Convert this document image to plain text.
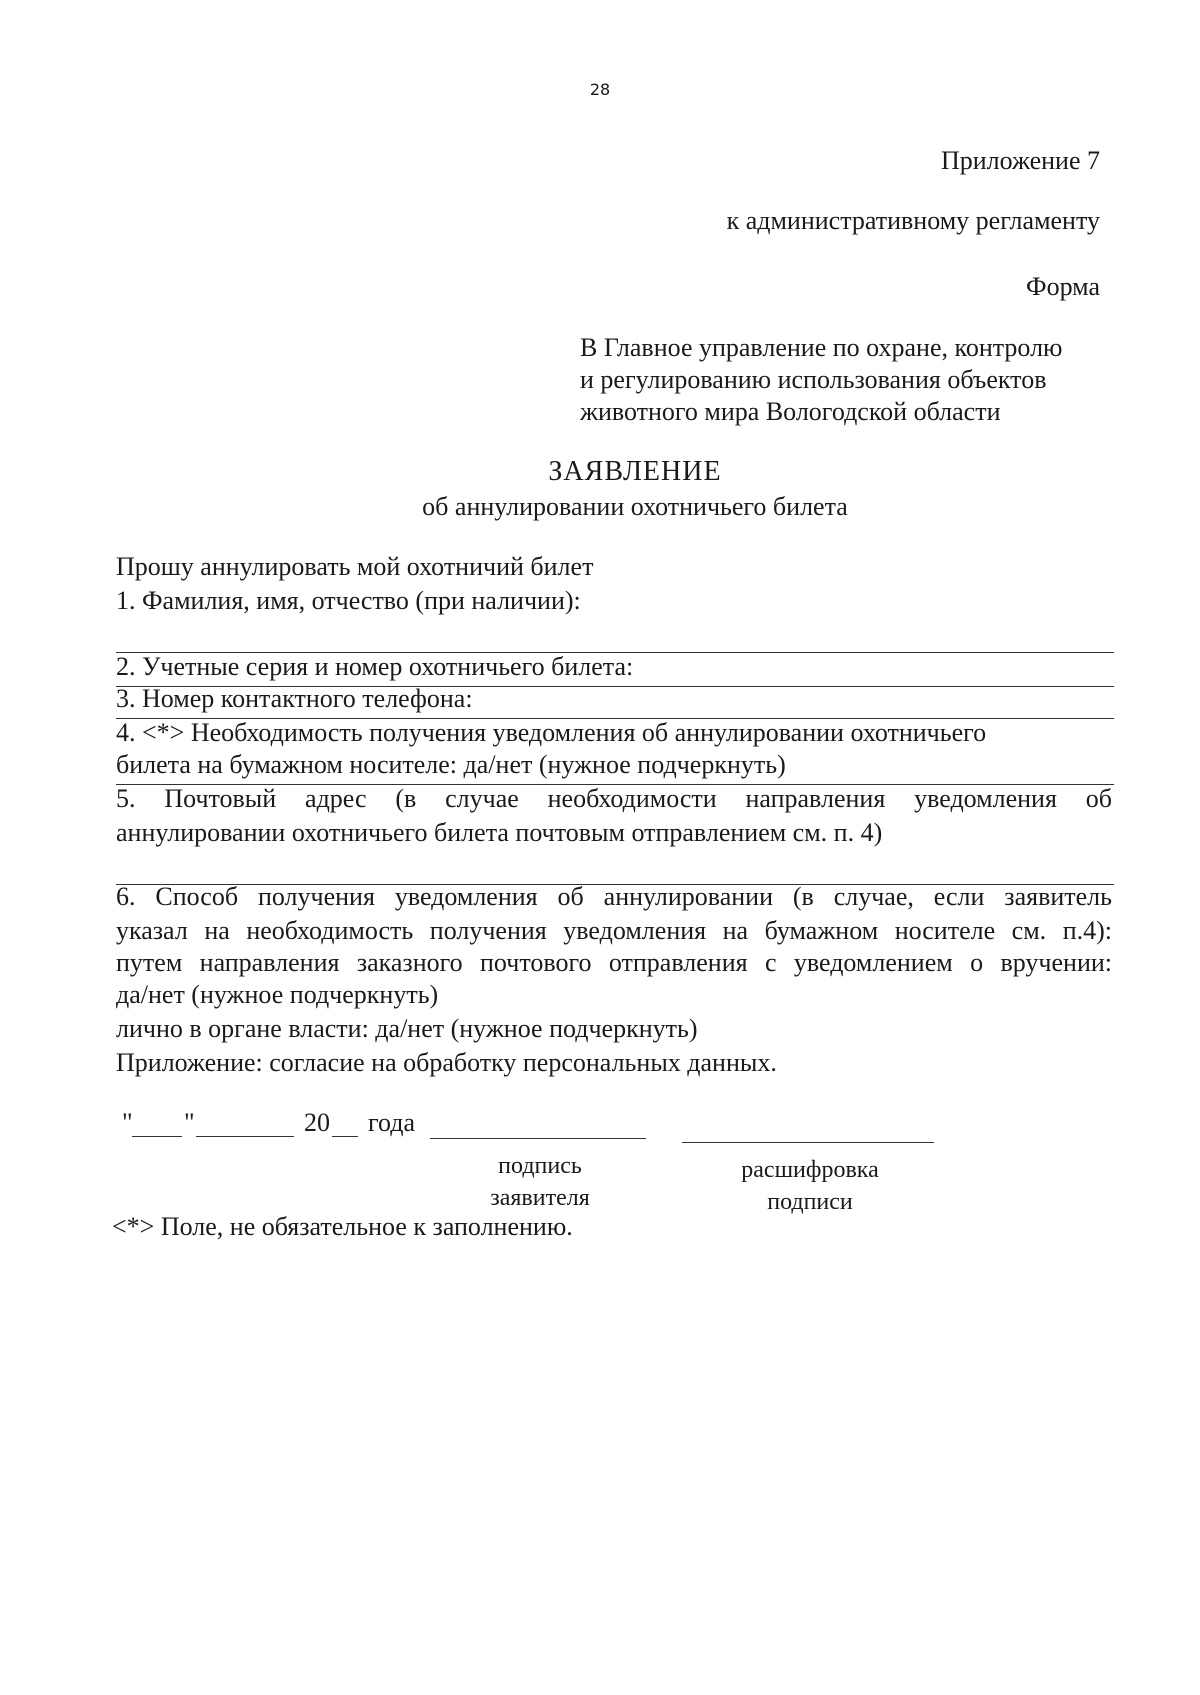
28
Приложение 7
к административному регламенту
Форма
В Главное управление по охране, контролю
и регулированию использования объектов
животного мира Вологодской области
ЗАЯВЛЕНИЕ
об аннулировании охотничьего билета
Прошу аннулировать мой охотничий билет
1. Фамилия, имя, отчество (при наличии):
2. Учетные серия и номер охотничьего билета:
3. Номер контактного телефона:
4. <*> Необходимость получения уведомления об аннулировании охотничьего
билета на бумажном носителе: да/нет (нужное подчеркнуть)
5. Почтовый адрес (в случае необходимости направления уведомления об
аннулировании охотничьего билета почтовым отправлением см. п. 4)
6. Способ получения уведомления об аннулировании (в случае, если заявитель
указал на необходимость получения уведомления на бумажном носителе см. п.4):
путем направления заказного почтового отправления с уведомлением о вручении:
да/нет (нужное подчеркнуть)
лично в органе власти: да/нет (нужное подчеркнуть)
Приложение: согласие на обработку персональных данных.
" "	20 года
подпись
заявителя
расшифровка
подписи
<*> Поле, не обязательное к заполнению.
